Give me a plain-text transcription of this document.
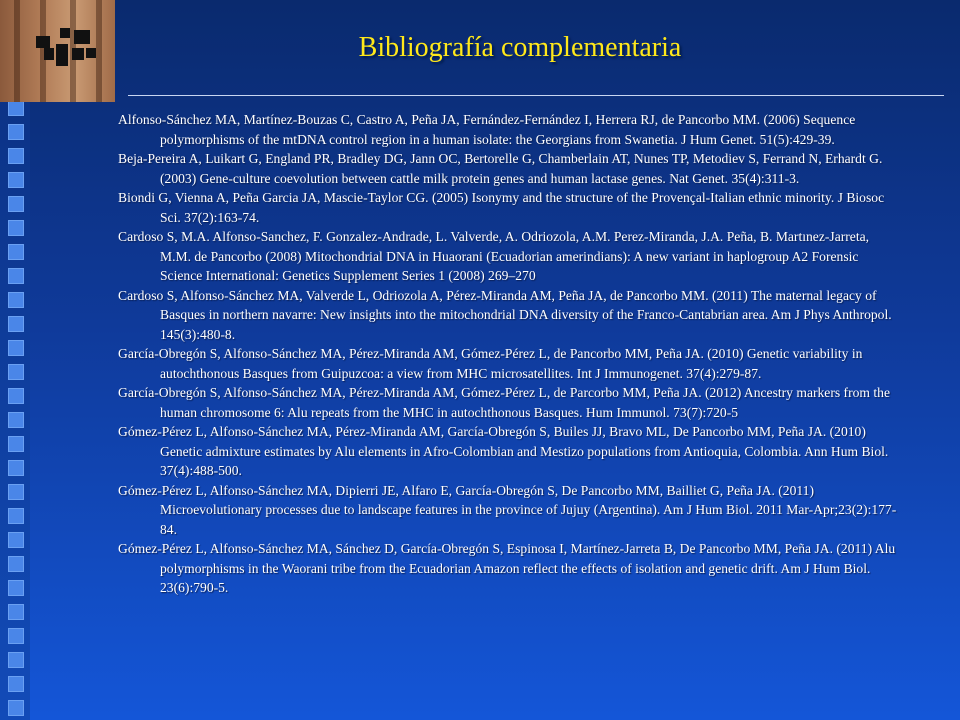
Bibliografía complementaria
Alfonso-Sánchez MA, Martínez-Bouzas C, Castro A, Peña JA, Fernández-Fernández I, Herrera RJ, de Pancorbo MM. (2006) Sequence polymorphisms of the mtDNA control region in a human isolate: the Georgians from Swanetia. J Hum Genet. 51(5):429-39.
Beja-Pereira A, Luikart G, England PR, Bradley DG, Jann OC, Bertorelle G, Chamberlain AT, Nunes TP, Metodiev S, Ferrand N, Erhardt G. (2003) Gene-culture coevolution between cattle milk protein genes and human lactase genes. Nat Genet. 35(4):311-3.
Biondi G, Vienna A, Peña Garcia JA, Mascie-Taylor CG. (2005) Isonymy and the structure of the Provençal-Italian ethnic minority. J Biosoc Sci. 37(2):163-74.
Cardoso S, M.A. Alfonso-Sanchez, F. Gonzalez-Andrade, L. Valverde, A. Odriozola, A.M. Perez-Miranda, J.A. Peña, B. Martınez-Jarreta, M.M. de Pancorbo (2008) Mitochondrial DNA in Huaorani (Ecuadorian amerindians): A new variant in haplogroup A2 Forensic Science International: Genetics Supplement Series 1 (2008) 269–270
Cardoso S, Alfonso-Sánchez MA, Valverde L, Odriozola A, Pérez-Miranda AM, Peña JA, de Pancorbo MM. (2011) The maternal legacy of Basques in northern navarre: New insights into the mitochondrial DNA diversity of the Franco-Cantabrian area. Am J Phys Anthropol. 145(3):480-8.
García-Obregón S, Alfonso-Sánchez MA, Pérez-Miranda AM, Gómez-Pérez L, de Pancorbo MM, Peña JA. (2010) Genetic variability in autochthonous Basques from Guipuzcoa: a view from MHC microsatellites. Int J Immunogenet. 37(4):279-87.
García-Obregón S, Alfonso-Sánchez MA, Pérez-Miranda AM, Gómez-Pérez L, de Parcorbo MM, Peña JA. (2012) Ancestry markers from the human chromosome 6: Alu repeats from the MHC in autochthonous Basques. Hum Immunol. 73(7):720-5
Gómez-Pérez L, Alfonso-Sánchez MA, Pérez-Miranda AM, García-Obregón S, Builes JJ, Bravo ML, De Pancorbo MM, Peña JA. (2010) Genetic admixture estimates by Alu elements in Afro-Colombian and Mestizo populations from Antioquia, Colombia. Ann Hum Biol. 37(4):488-500.
Gómez-Pérez L, Alfonso-Sánchez MA, Dipierri JE, Alfaro E, García-Obregón S, De Pancorbo MM, Bailliet G, Peña JA. (2011) Microevolutionary processes due to landscape features in the province of Jujuy (Argentina). Am J Hum Biol. 2011 Mar-Apr;23(2):177-84.
Gómez-Pérez L, Alfonso-Sánchez MA, Sánchez D, García-Obregón S, Espinosa I, Martínez-Jarreta B, De Pancorbo MM, Peña JA. (2011) Alu polymorphisms in the Waorani tribe from the Ecuadorian Amazon reflect the effects of isolation and genetic drift. Am J Hum Biol. 23(6):790-5.
